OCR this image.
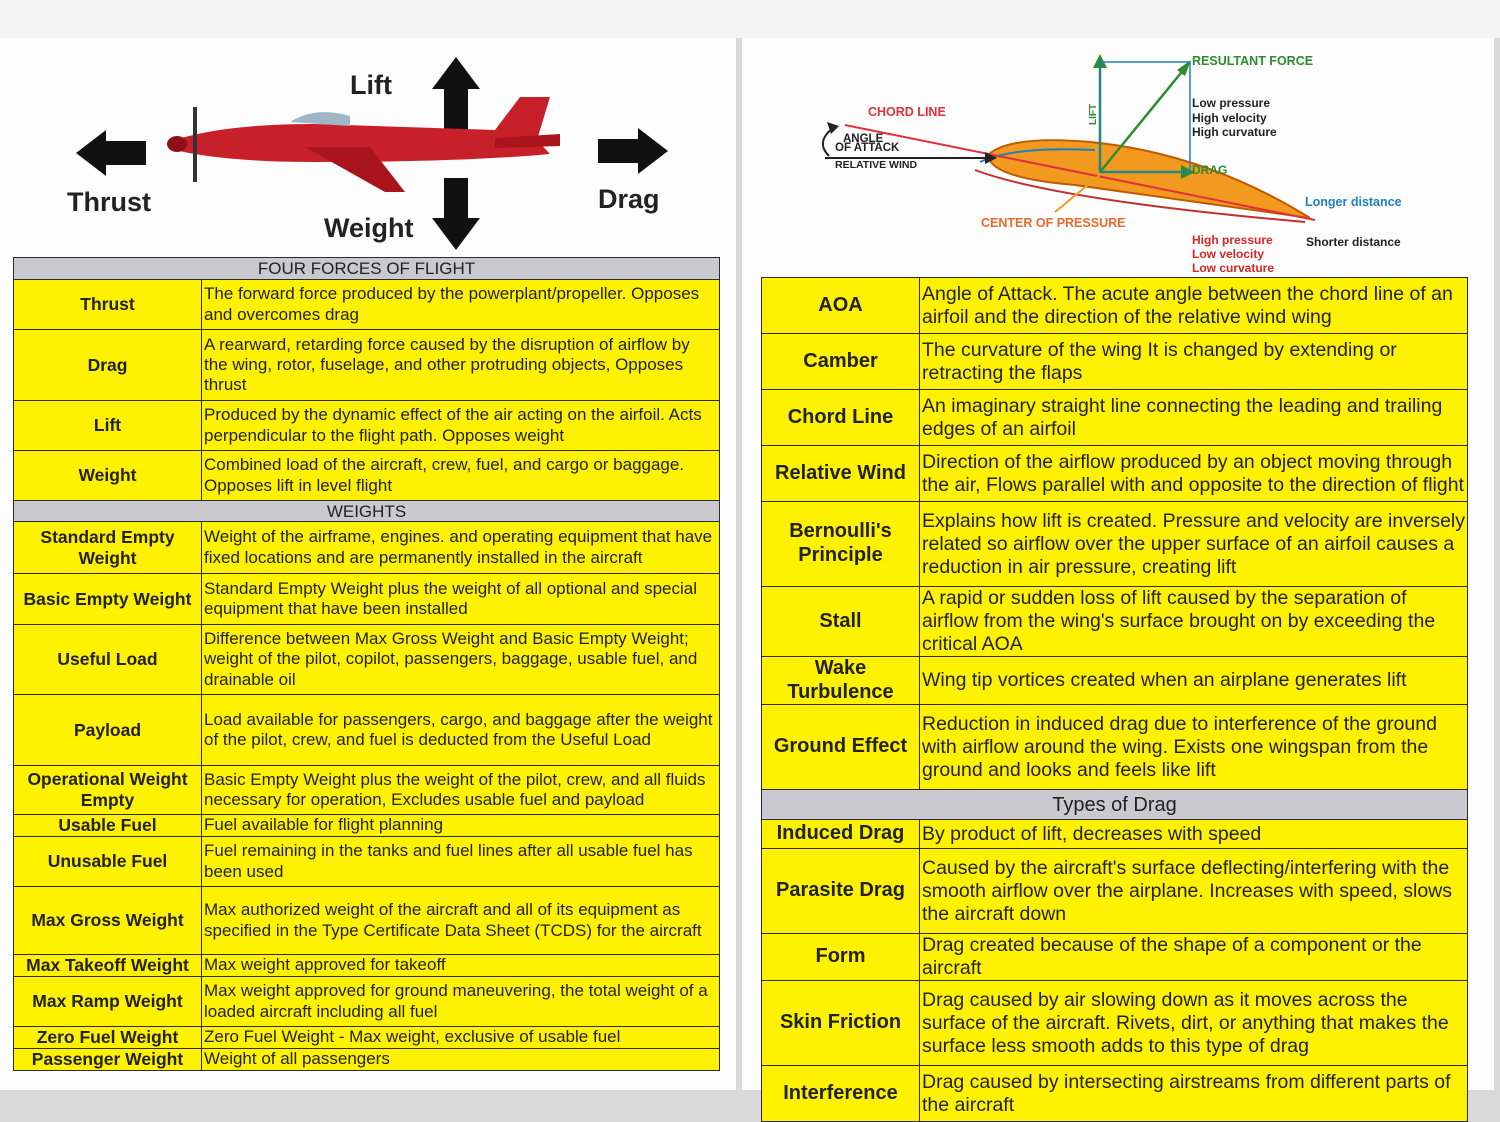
Lift
Thrust	Drag
Weight
FOUR FORCES OF FLIGHT	
Thrust	The forward force produced by the powerplant/propeller. Opposes and overcomes drag
Drag	A rearward, retarding force caused by the disruption of airflow by the wing, rotor, fuselage, and other protruding objects, Opposes thrust
Lift	Produced by the dynamic effect of the air acting on the airfoil. Acts perpendicular to the flight path. Opposes weight
Weight	Combined load of the aircraft, crew, fuel, and cargo or baggage. Opposes lift in level flight
WEIGHTS	
Standard Empty Weight	Weight of the airframe, engines. and operating equipment that have fixed locations and are permanently installed in the aircraft
Basic Empty Weight	Standard Empty Weight plus the weight of all optional and special equipment that have been installed
Useful Load	Difference between Max Gross Weight and Basic Empty Weight; weight of the pilot, copilot, passengers, baggage, usable fuel, and drainable oil
Payload	Load available for passengers, cargo, and baggage after the weight of the pilot, crew, and fuel is deducted from the Useful Load
Operational Weight Empty	Basic Empty Weight plus the weight of the pilot, crew, and all fluids necessary for operation, Excludes usable fuel and payload
Usable Fuel	Fuel available for flight planning
Unusable Fuel	Fuel remaining in the tanks and fuel lines after all usable fuel has been used
Max Gross Weight	Max authorized weight of the aircraft and all of its equipment as specified in the Type Certificate Data Sheet (TCDS) for the aircraft
Max Takeoff Weight	Max weight approved for takeoff
Max Ramp Weight	Max weight approved for ground maneuvering, the total weight of a loaded aircraft including all fuel
Zero Fuel Weight	Zero Fuel Weight - Max weight, exclusive of usable fuel
Passenger Weight	Weight of all passengers
RESULTANT FORCE
CHORD LINE
ANGLE
OF ATTACK
RELATIVE WIND
LIFT
DRAG
CENTER OF PRESSURE
Low pressure
High velocity
High curvature
Longer distance
Shorter distance
High pressure
Low velocity
Low curvature
AOA	Angle of Attack. The acute angle between the chord line of an airfoil and the direction of the relative wind wing
Camber	The curvature of the wing It is changed by extending or retracting the flaps
Chord Line	An imaginary straight line connecting the leading and trailing edges of an airfoil
Relative Wind	Direction of the airflow produced by an object moving through the air, Flows parallel with and opposite to the direction of flight
Bernoulli's Principle	Explains how lift is created. Pressure and velocity are inversely related so airflow over the upper surface of an airfoil causes a reduction in air pressure, creating lift
Stall	A rapid or sudden loss of lift caused by the separation of airflow from the wing's surface brought on by exceeding the critical AOA
Wake Turbulence	Wing tip vortices created when an airplane generates lift
Ground Effect	Reduction in induced drag due to interference of the ground with airflow around the wing. Exists one wingspan from the ground and looks and feels like lift
Types of Drag	
Induced Drag	By product of lift, decreases with speed
Parasite Drag	Caused by the aircraft's surface deflecting/interfering with the smooth airflow over the airplane. Increases with speed, slows the aircraft down
Form	Drag created because of the shape of a component or the aircraft
Skin Friction	Drag caused by air slowing down as it moves across the surface of the aircraft. Rivets, dirt, or anything that makes the surface less smooth adds to this type of drag
Interference	Drag caused by intersecting airstreams from different parts of the aircraft
